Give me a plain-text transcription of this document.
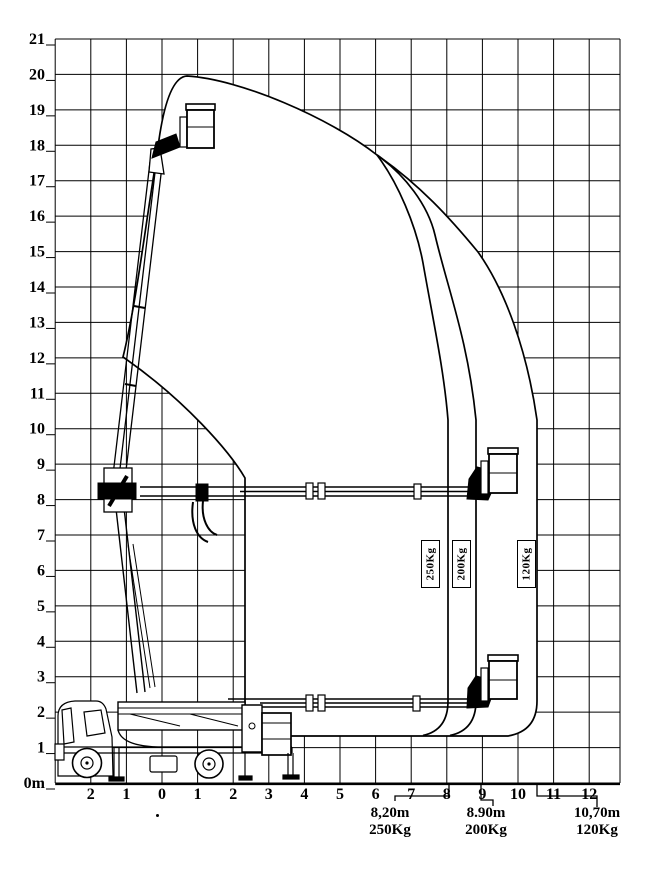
21
20
19
18
17
16
15
14
13
12
11
10
9
8
7
6
5
4
3
2
1
0m
2 1 0 1 2 3 4 5 6 7 8 9 10 11 12
250Kg 200Kg	120Kg
8,20m
250Kg
8.90m
200Kg
10,70m
120Kg
